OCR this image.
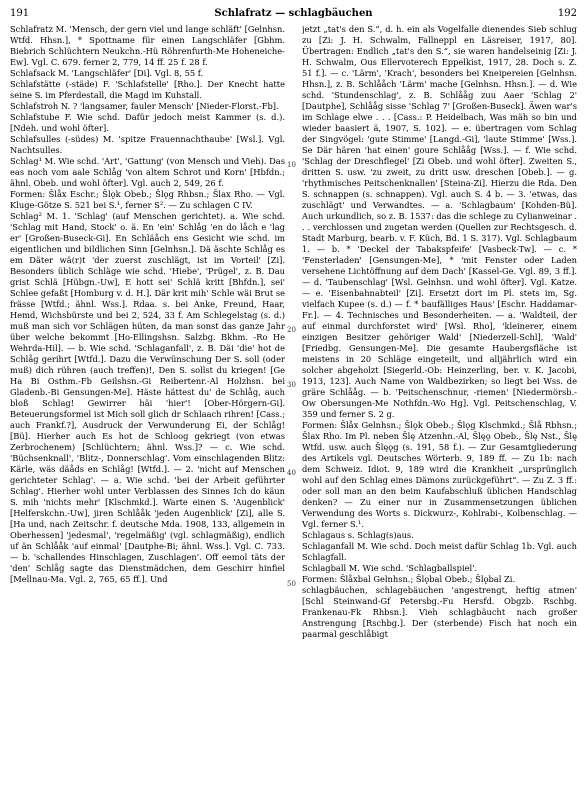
191	Schlafratz — schlagbäuchen	192

Schlafratz M. 'Mensch, der gern viel und lange schläft' [Gelnhsn. Wtfd. Hhsn.], * Spottname für einen Langschläfer [Gbhm. Biebrich Schlüchtern Neukchn.-Hü Röhrenfurth-Me Hoheneiche-Ew]. Vgl. C. 679. ferner 2, 779, 14 ff. 25 f. 28 f.

Schlafsack M. 'Langschläfer' [Di]. Vgl. 8, 55 f.

Schlafstätte (-städe) F. 'Schlafstelle' [Rho.]. Der Knecht hatte seine S. im Pferdestall, die Magd im Kuhstall.

Schlafstroh N. ? 'langsamer, fauler Mensch' [Nieder-Florst.-Fb].

Schlafstube F. Wie schd. Dafür jedoch meist Kammer (s. d.). [Ndeh. und wohl öfter].

Schlafsulles (-südes) M. 'spitze Frauennachthaube' [Wsl.]. Vgl. Nachtsulles.

Schlag¹ M. Wie schd. 'Art', 'Gattung' (von Mensch und Vieh). Das eas noch vom aale Schlåg 'von altem Schrot und Korn' [Hbfdn.; ähnl. Obeb. und wohl öfter]. Vgl. auch 2, 549, 26 f.

Formen: Šlåx Eschr.; Šlǫk Obeb.; Šlǫg Rhbsn.; Šlax Rho. — Vgl. Kluge-Götze S. 521 bei S.¹, ferner S². — Zu schlagen C IV.

Schlag² M. 1. 'Schlag' (auf Menschen gerichtet). a. Wie schd. 'Schlag mit Hand, Stock' o. ä. En 'ein' Schlåg 'en do låch e 'lag er' [Großen-Buseck-Gi]. En Schläåch ens Gesicht wie schd. im eigentlichen und bildlichen Sinn [Gelnhsn.]. Dä äschte Schlåg es em Däter wä(r)t 'der zuerst zuschlägt, ist im Vorteil' [Zi]. Besonders üblich Schläge wie schd. 'Hiebe', 'Prügel', z. B. Dau grist Schlä [Hübgn.-Uw], E hott sei' Schlä kritt [Bhfdn.], sei' Schlee gefaßt [Homburg v. d. H.]. Där krit mih' Schle wäi Brut se frässe [Wtfd.; ähnl. Wss.]. Rdaa. s. bei Anke, Freund, Haar, Hemd, Wichsbürste und bei 2, 524, 33 f. Am Schlegelstag (s. d.) muß man sich vor Schlägen hüten, da man sonst das ganze Jahr über welche bekommt [Ho-Ellingshsn. Salzbg. Bkhm. -Ro He Wehrda-Hil]. — b. Wie schd. 'Schlaganfall', z. B. Däi 'die' hot de Schlåg gerihrt [Wtfd.]. Dazu die Verwünschung Der S. soll (oder muß) dich rühren (auch treffen)!, Den S. sollst du kriegen! [Ge Ha Bi Osthm.-Fb Geilshsn.-Gi Reibertenr.-Al Holzhsn. bei Gladenb.-Bi Gensungen-Me]. Häste hättest du' de Schlåg, auch bloß Schlag! Gewirrer häi 'hier'! [Ober-Hörgern-Gi]. Beteuerungsformel ist Mich soll glich dr Schlaach rihren! [Cass.; auch Frankf.?], Ausdruck der Verwunderung Ei, der Schlåg! [Bü]. Hierher auch Es hot de Schloog gekriegt (von etwas Zerbrochenem) [Schlüchtern; ähnl. Wss.]? — c. Wie schd. 'Büchsenknall', 'Blitz-, Donnerschlag'. Vom einschlagenden Blitz: Kärle, wäs däåds en Schlåg! [Wtfd.]. — 2. 'nicht auf Menschen gerichteter Schlag'. — a. Wie schd. 'bei der Arbeit geführter Schlag'. Hierher wohl unter Verblassen des Sinnes Ich do käun S. mih 'nichts mehr' [Klschmkd.]. Warte einen S. 'Augenblick' [Helferskchn.-Uw], jiren Schlååk 'jeden Augenblick' [Zi], alle S. [Ha und, nach Zeitschr. f. deutsche Mda. 1908, 133, allgemein in Oberhessen] 'jedesmal', 'regelmäßig' (vgl. schlagmäßig), endlich uf än Schlååk 'auf einmal' [Dautphe-Bi; ähnl. Wss.]. Vgl. C. 733. — b. 'schallendes Hinschlagen, Zuschlagen'. Off eemol täts der 'den' Schlåg sagte das Dienstmädchen, dem Geschirr hinfiel [Mellnau-Ma. Vgl. 2, 765, 65 ff.]. Und

10
20
30
40
50

jetzt „tat's den S.“, d. h. ein als Vogelfalle dienendes Sieb schlug zu [Zi: J. H. Schwalm, Fallneppl en Läsreiser, 1917, 80]. Übertragen: Endlich „tat's den S.“, sie waren handelseinig [Zi: J. H. Schwalm, Ous Ellervoterech Eppelkist, 1917, 28. Doch s. Z. 51 f.]. — c. 'Lärm', 'Krach', besonders bei Kneipereien [Gelnhsn. Hhsn.], z. B. Schlååch 'Lärm' mache [Gelnhsn. Hhsn.]. — d. Wie schd. 'Stundenschlag', z. B. Schlååg zuu Aaer 'Schlag 2' [Dautphe], Schlååg sisse 'Schlag 7' [Großen-Buseck]. Äwen war's im Schlage elwe . . . [Cass.: P. Heidelbach, Was mäh so bin und wieder baasiert ä, 1907, S. 102]. — e. übertragen vom Schlag der Singvögel: 'gute Stimme' [Langd.-Gi], 'laute Stimme' [Wss.]. Se Där hären 'hat einen' goure Schlååg [Wss.]. — f. Wie schd. 'Schlag der Dreschflegel' [Zi Obeb. und wohl öfter]. Zweiten S., dritten S. usw. 'zu zweit, zu dritt usw. dreschen [Obeb.]. — g. 'rhythmisches Peitschenknallen' [Steina-Zi]. Hierzu die Rda. Den S. schnappen (s. schnappen). Vgl. auch S. 4 b. — 3. 'etwas, das zuschlägt' und Verwandtes. — a. 'Schlagbaum' [Kohden-Bü]. Auch urkundlich, so z. B. 1537: das die schlege zu Cylianweinar . . . verchlossen und zugetan werden (Quellen zur Rechtsgesch. d. Stadt Marburg, bearb. v. F. Küch, Bd. 1 S. 317). Vgl. Schlagbaum 1. — b. * 'Deckel der Tabakspfeife' [Vasbeck-Tw]. — c. * 'Fensterladen' [Gensungen-Me], * 'mit Fenster oder Laden versehene Lichtöffnung auf dem Dach' [Kassel-Ge. Vgl. 89, 3 ff.]. — d. 'Taubenschlag' [Wsl. Gelnhsn. und wohl öfter]. Vgl. Katze. — e. 'Eisenbahnabteil' [Zi]. Ersetzt dort im Pl. stets im, Sg. vielfach Kupee (s. d.) — f. * baufälliges Haus' [Eschr. Haddamar-Fr.]. — 4. Technisches und Besonderheiten. — a. 'Waldteil, der auf einmal durchforstet wird' [Wsl. Rho], 'kleinerer, einem einzigen Besitzer gehöriger Wald' [Niederzell-Schl], 'Wald' [Friedbg. Gensungen-Me]. Die gesamte Haubergsfläche ist meistens in 20 Schläge eingeteilt, und alljährlich wird ein solcher abgeholzt [Siegerld.-Ob: Heinzerling, ber. v. K. Jacobi, 1913, 123]. Auch Name von Waldbezirken; so liegt bei Wss. de gräre Schlååg. — b. 'Peitschenschnur, -riemen' [Niedermörsb.-Ow Obersungen-Me Nothfdn.-Wo Hg]. Vgl. Peitschenschlag, V. 359 und ferner S. 2 g.

Formen: Šlåx Gelnhsn.; Šlǫk Obeb.; Šlǫg Klschmkd.; Šlå Rbhsn.; Šlax Rho. Im Pl. neben Šlę Atzenhn.-Al, Šlęǫ Obeb., Šlę Nst., Šlę Wtfd. usw. auch Šlęǫg (s. 191, 58 f.). — Zur Gesamtgliederung des Artikels vgl. Deutsches Wörterb. 9, 189 ff. — Zu 1b: nach dem Schweiz. Idiot. 9, 189 wird die Krankheit „ursprünglich wohl auf den Schlag eines Dämons zurückgeführt“. — Zu Z. 3 ff.: oder soll man an den beim Kaufabschluß üblichen Handschlag denken? — Zu einer nur in Zusammensetzungen üblichen Verwendung des Worts s. Dickwurz-, Kohlrabi-, Kolbenschlag. — Vgl. ferner S.¹.

Schlagaus s. Schlag(s)aus.

Schlaganfall M. Wie schd. Doch meist dafür Schlag 1b. Vgl. auch Schlagfall.

Schlagball M. Wie schd. 'Schlagballspiel'.

Formen: Šlåxbal Gelnhsn.; Šlǫbal Obeb.; Šlǫbal Zi.

schlagbäuchen, schlagebäuchen 'angestrengt, heftig atmen' [Schl Steinwand-Gf Petersbg.-Fu Hersfd. Obgzb. Rschbg. Frankenau-Fk Rhbsn.]. Vieh schlagbäucht nach großer Anstrengung [Rschbg.]. Der (sterbende) Fisch hat noch ein paarmal geschlåbigt
